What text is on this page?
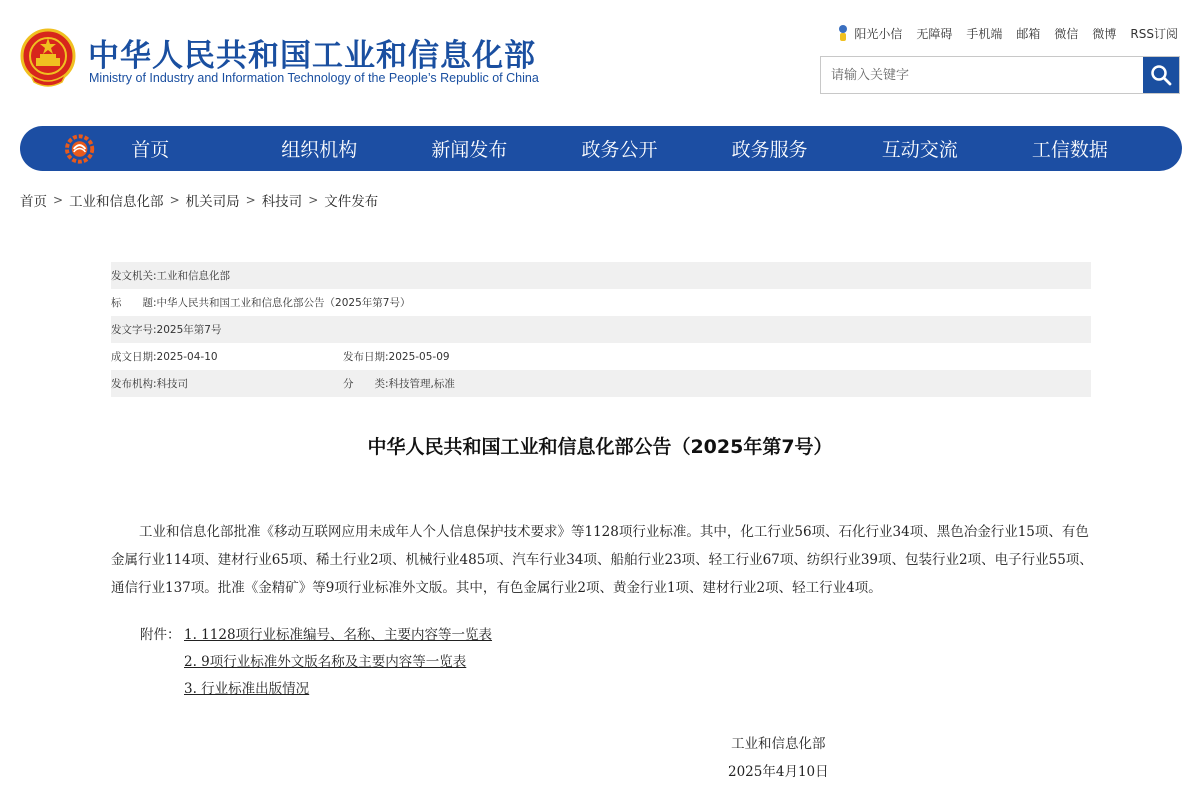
中华人民共和国工业和信息化部
Ministry of Industry and Information Technology of the People’s Republic of China
阳光小信 无障碍 手机端 邮箱 微信 微博 RSS订阅
请输入关键字
首页	组织机构	新闻发布	政务公开	政务服务	互动交流	工信数据
首页 > 工业和信息化部 > 机关司局 > 科技司 > 文件发布
发文机关: 工业和信息化部
标　　题: 中华人民共和国工业和信息化部公告（2025年第7号）
发文字号: 2025年第7号
成文日期: 2025-04-10	发布日期: 2025-05-09
发布机构: 科技司	分　　类: 科技管理,标准
中华人民共和国工业和信息化部公告（2025年第7号）
工业和信息化部批准《移动互联网应用未成年人个人信息保护技术要求》等1128项行业标准。其中，化工行业56项、石化行业34项、黑色冶金行业15项、有色金属行业114项、建材行业65项、稀土行业2项、机械行业485项、汽车行业34项、船舶行业23项、轻工行业67项、纺织行业39项、包装行业2项、电子行业55项、通信行业137项。批准《金精矿》等9项行业标准外文版。其中，有色金属行业2项、黄金行业1项、建材行业2项、轻工行业4项。
附件： 1. 1128项行业标准编号、名称、主要内容等一览表
2. 9项行业标准外文版名称及主要内容等一览表
3. 行业标准出版情况
工业和信息化部
2025年4月10日
